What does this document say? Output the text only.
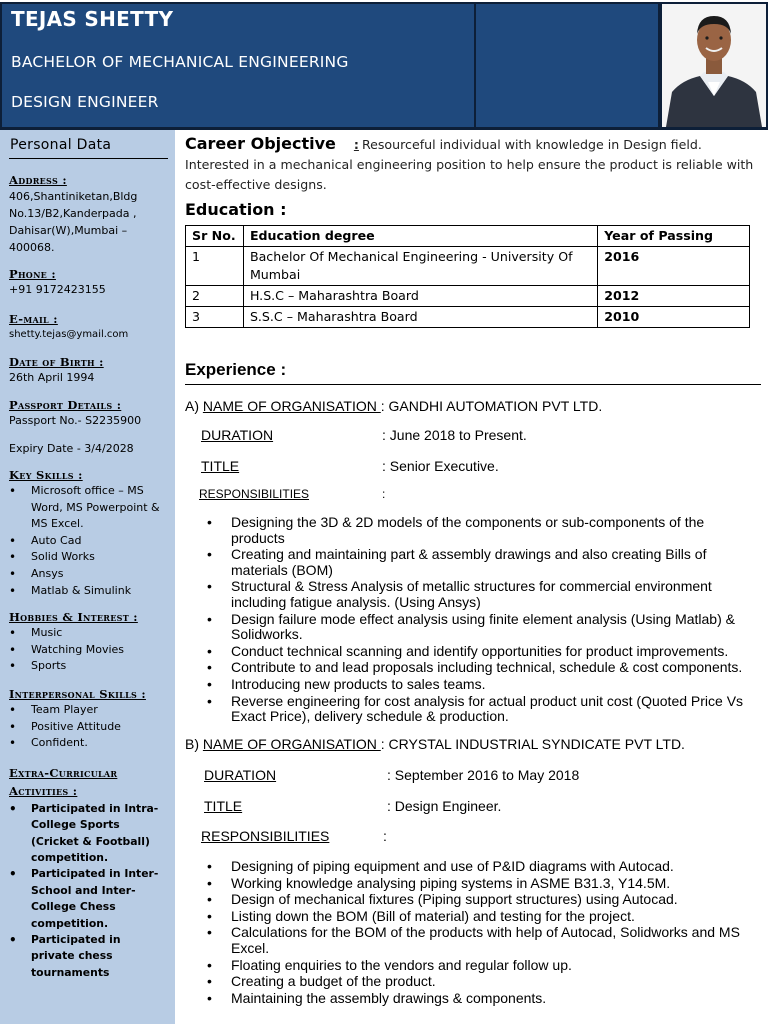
TEJAS SHETTY
BACHELOR OF MECHANICAL ENGINEERING
DESIGN ENGINEER
Personal Data
Address :
406,Shantiniketan,Bldg No.13/B2,Kanderpada , Dahisar(W),Mumbai – 400068.
Phone :
+91 9172423155
E-mail :
shetty.tejas@ymail.com
Date of Birth :
26th April 1994
Passport Details :
Passport No.- S2235900
Expiry Date - 3/4/2028
Key Skills :
• Microsoft office – MS Word, MS Powerpoint & MS Excel.
• Auto Cad
• Solid Works
• Ansys
• Matlab & Simulink
Hobbies & Interest :
• Music
• Watching Movies
• Sports
Interpersonal Skills :
• Team Player
• Positive Attitude
• Confident.
Extra-Curricular
Activities :
• Participated in Intra-College Sports (Cricket & Football) competition.
• Participated in Inter-School and Inter-College Chess competition.
• Participated in private chess tournaments
Career Objective : Resourceful individual with knowledge in Design field. Interested in a mechanical engineering position to help ensure the product is reliable with cost-effective designs.
Education :
Sr No.	Education degree	Year of Passing
1	Bachelor Of Mechanical Engineering - University Of Mumbai	2016
2	H.S.C – Maharashtra Board	2012
3	S.S.C – Maharashtra Board	2010
Experience :
A) NAME OF ORGANISATION : GANDHI AUTOMATION PVT LTD.
DURATION	: June 2018 to Present.
TITLE	: Senior Executive.
RESPONSIBILITIES	:
• Designing the 3D & 2D models of the components or sub-components of the products
• Creating and maintaining part & assembly drawings and also creating Bills of materials (BOM)
• Structural & Stress Analysis of metallic structures for commercial environment including fatigue analysis. (Using Ansys)
• Design failure mode effect analysis using finite element analysis (Using Matlab) & Solidworks.
• Conduct technical scanning and identify opportunities for product improvements.
• Contribute to and lead proposals including technical, schedule & cost components.
• Introducing new products to sales teams.
• Reverse engineering for cost analysis for actual product unit cost (Quoted Price Vs Exact Price), delivery schedule & production.
B) NAME OF ORGANISATION : CRYSTAL INDUSTRIAL SYNDICATE PVT LTD.
DURATION	: September 2016 to May 2018
TITLE	: Design Engineer.
RESPONSIBILITIES	:
• Designing of piping equipment and use of P&ID diagrams with Autocad.
• Working knowledge analysing piping systems in ASME B31.3, Y14.5M.
• Design of mechanical fixtures (Piping support structures) using Autocad.
• Listing down the BOM (Bill of material) and testing for the project.
• Calculations for the BOM of the products with help of Autocad, Solidworks and MS Excel.
• Floating enquiries to the vendors and regular follow up.
• Creating a budget of the product.
• Maintaining the assembly drawings & components.
